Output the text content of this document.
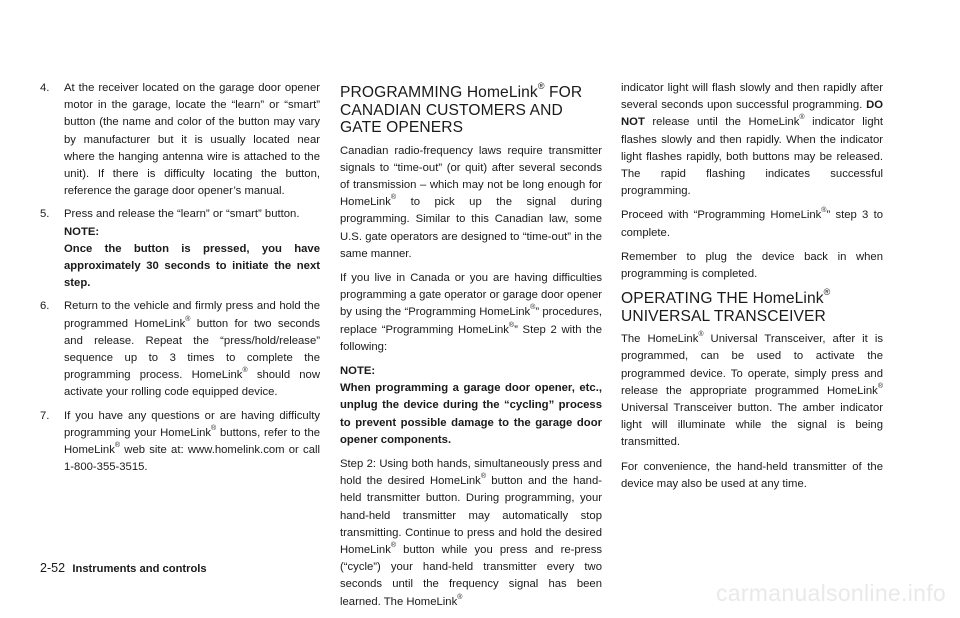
4.	At the receiver located on the garage door opener motor in the garage, locate the “learn” or “smart” button (the name and color of the button may vary by manufacturer but it is usually located near where the hanging antenna wire is attached to the unit). If there is difficulty locating the button, reference the garage door opener’s manual.

5.	Press and release the “learn” or “smart” button.

NOTE:

Once the button is pressed, you have approximately 30 seconds to initiate the next step.

6.	Return to the vehicle and firmly press and hold the programmed HomeLink® button for two seconds and release. Repeat the “press/hold/release” sequence up to 3 times to complete the programming process. HomeLink® should now activate your rolling code equipped device.

7.	If you have any questions or are having difficulty programming your HomeLink® buttons, refer to the HomeLink® web site at: www.homelink.com or call 1-800-355-3515.

PROGRAMMING HomeLink® FOR CANADIAN CUSTOMERS AND GATE OPENERS

Canadian radio-frequency laws require transmitter signals to “time-out” (or quit) after several seconds of transmission – which may not be long enough for HomeLink® to pick up the signal during programming. Similar to this Canadian law, some U.S. gate operators are designed to “time-out” in the same manner.

If you live in Canada or you are having difficulties programming a gate operator or garage door opener by using the “Programming HomeLink®” procedures, replace “Programming HomeLink®” Step 2 with the following:

NOTE:

When programming a garage door opener, etc., unplug the device during the “cycling” process to prevent possible damage to the garage door opener components.

Step 2: Using both hands, simultaneously press and hold the desired HomeLink® button and the hand-held transmitter button. During programming, your hand-held transmitter may automatically stop transmitting. Continue to press and hold the desired HomeLink® button while you press and re-press (“cycle”) your hand-held transmitter every two seconds until the frequency signal has been learned. The HomeLink®

indicator light will flash slowly and then rapidly after several seconds upon successful programming. DO NOT release until the HomeLink® indicator light flashes slowly and then rapidly. When the indicator light flashes rapidly, both buttons may be released. The rapid flashing indicates successful programming.

Proceed with “Programming HomeLink®” step 3 to complete.

Remember to plug the device back in when programming is completed.

OPERATING THE HomeLink® UNIVERSAL TRANSCEIVER

The HomeLink® Universal Transceiver, after it is programmed, can be used to activate the programmed device. To operate, simply press and release the appropriate programmed HomeLink® Universal Transceiver button. The amber indicator light will illuminate while the signal is being transmitted.

For convenience, the hand-held transmitter of the device may also be used at any time.

2-52 Instruments and controls
carmanualsonline.info
